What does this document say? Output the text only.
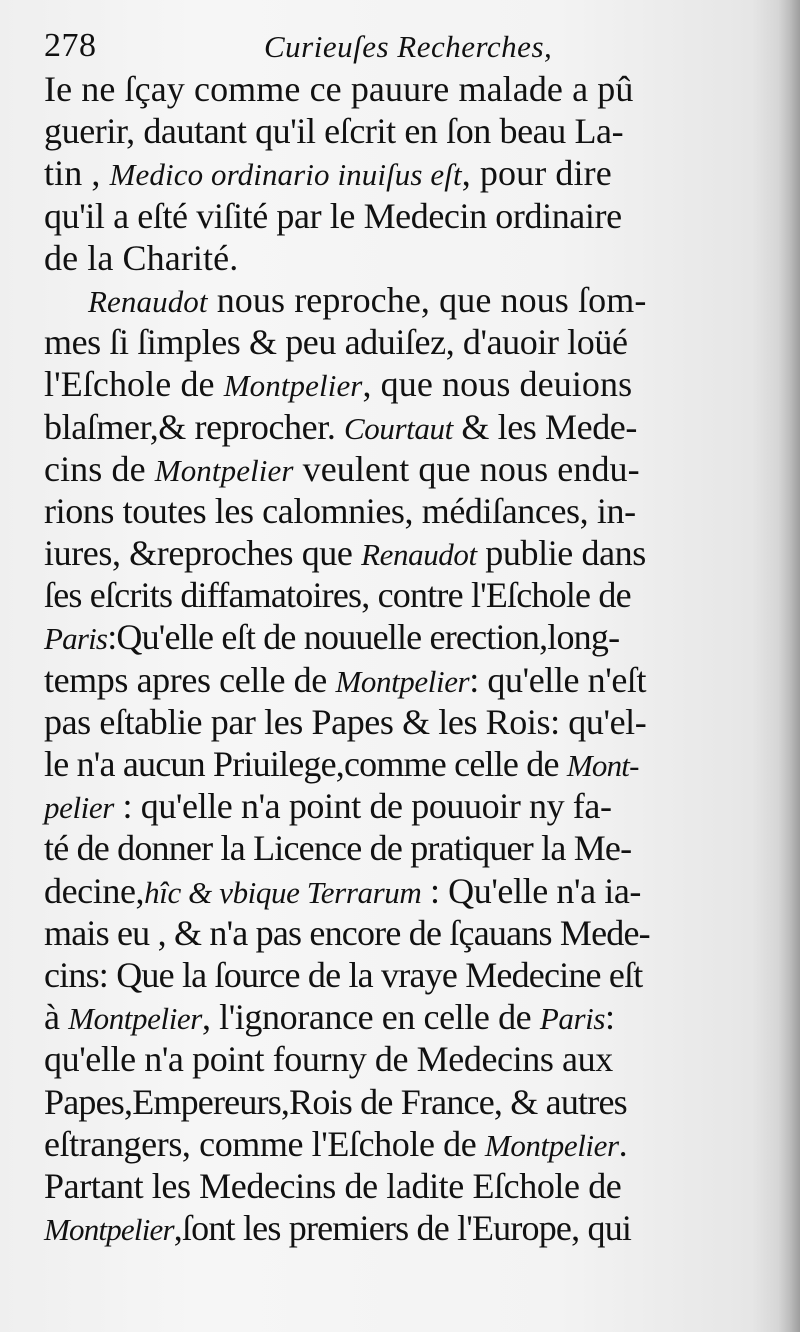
278	Curieuſes Recherches,
Ie ne ſçay comme ce pauure malade a pû
guerir, dautant qu'il eſcrit en ſon beau La-
tin , Medico ordinario inuiſus eſt, pour dire
qu'il a eſté viſité par le Medecin ordinaire
de la Charité.
Renaudot nous reproche, que nous ſom-
mes ſi ſimples & peu aduiſez, d'auoir loüé
l'Eſchole de Montpelier, que nous deuions
blaſmer,& reprocher. Courtaut & les Mede-
cins de Montpelier veulent que nous endu-
rions toutes les calomnies, médiſances, in-
iures, &reproches que Renaudot publie dans
ſes eſcrits diffamatoires, contre l'Eſchole de
Paris:Qu'elle eſt de nouuelle erection,long-
temps apres celle de Montpelier: qu'elle n'eſt
pas eſtablie par les Papes & les Rois: qu'el-
le n'a aucun Priuilege,comme celle de Mont-
pelier : qu'elle n'a point de pouuoir ny fa-
té de donner la Licence de pratiquer la Me-
decine,hîc & vbique Terrarum : Qu'elle n'a ia-
mais eu , & n'a pas encore de ſçauans Mede-
cins: Que la ſource de la vraye Medecine eſt
à Montpelier, l'ignorance en celle de Paris:
qu'elle n'a point fourny de Medecins aux
Papes,Empereurs,Rois de France, & autres
eſtrangers, comme l'Eſchole de Montpelier.
Partant les Medecins de ladite Eſchole de
Montpelier,ſont les premiers de l'Europe, qui
